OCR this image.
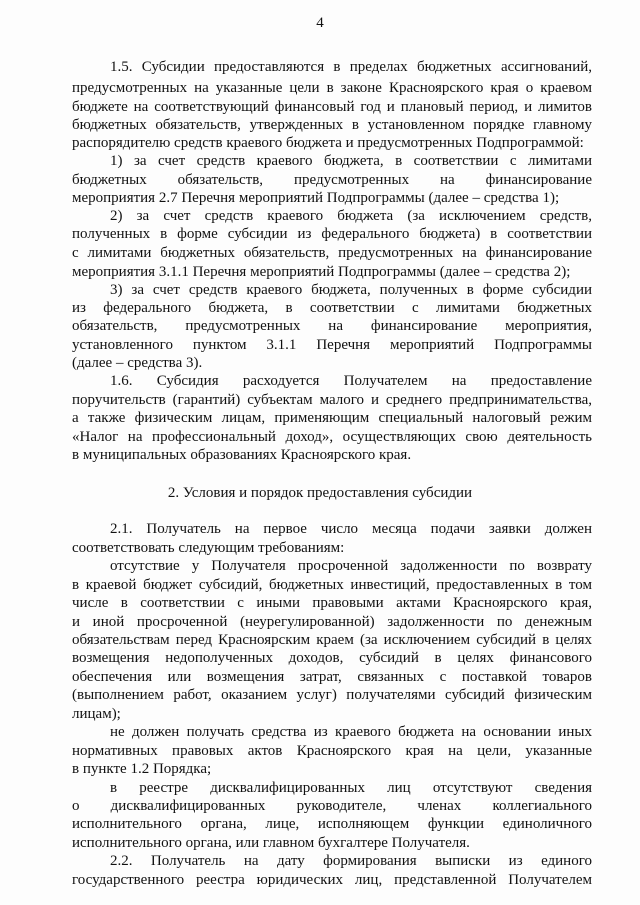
4
1.5. Субсидии предоставляются в пределах бюджетных ассигнований,
предусмотренных на указанные цели в законе Красноярского края о краевом
бюджете на соответствующий финансовый год и плановый период, и лимитов
бюджетных обязательств, утвержденных в установленном порядке главному
распорядителю средств краевого бюджета и предусмотренных Подпрограммой:
1) за счет средств краевого бюджета, в соответствии с лимитами
бюджетных обязательств, предусмотренных на финансирование
мероприятия 2.7 Перечня мероприятий Подпрограммы (далее – средства 1);
2) за счет средств краевого бюджета (за исключением средств,
полученных в форме субсидии из федерального бюджета) в соответствии
с лимитами бюджетных обязательств, предусмотренных на финансирование
мероприятия 3.1.1 Перечня мероприятий Подпрограммы (далее – средства 2);
3) за счет средств краевого бюджета, полученных в форме субсидии
из федерального бюджета, в соответствии с лимитами бюджетных
обязательств, предусмотренных на финансирование мероприятия,
установленного пунктом 3.1.1 Перечня мероприятий Подпрограммы
(далее – средства 3).
1.6. Субсидия расходуется Получателем на предоставление
поручительств (гарантий) субъектам малого и среднего предпринимательства,
а также физическим лицам, применяющим специальный налоговый режим
«Налог на профессиональный доход», осуществляющих свою деятельность
в муниципальных образованиях Красноярского края.
2. Условия и порядок предоставления субсидии
2.1. Получатель на первое число месяца подачи заявки должен
соответствовать следующим требованиям:
отсутствие у Получателя просроченной задолженности по возврату
в краевой бюджет субсидий, бюджетных инвестиций, предоставленных в том
числе в соответствии с иными правовыми актами Красноярского края,
и иной просроченной (неурегулированной) задолженности по денежным
обязательствам перед Красноярским краем (за исключением субсидий в целях
возмещения недополученных доходов, субсидий в целях финансового
обеспечения или возмещения затрат, связанных с поставкой товаров
(выполнением работ, оказанием услуг) получателями субсидий физическим
лицам);
не должен получать средства из краевого бюджета на основании иных
нормативных правовых актов Красноярского края на цели, указанные
в пункте 1.2 Порядка;
в реестре дисквалифицированных лиц отсутствуют сведения
о дисквалифицированных руководителе, членах коллегиального
исполнительного органа, лице, исполняющем функции единоличного
исполнительного органа, или главном бухгалтере Получателя.
2.2. Получатель на дату формирования выписки из единого
государственного реестра юридических лиц, представленной Получателем
